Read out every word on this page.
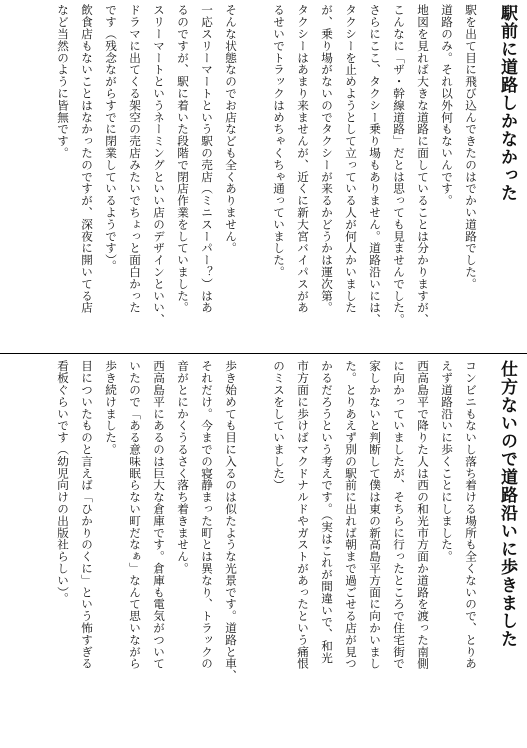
駅前に道路しかなかった

駅を出て目に飛び込んできたのはでかい道路でした。
道路のみ。それ以外何もないんです。
地図を見れば大きな道路に面していることは分かりますが、
こんなに「ザ・幹線道路」だとは思っても見ませんでした。
さらにここ、タクシー乗り場もありません。道路沿いには、
タクシーを止めようとして立っている人が何人かいました
が、乗り場がないのでタクシーが来るかどうかは運次第。
タクシーはあまり来ませんが、近くに新大宮バイパスがあ
るせいでトラックはめちゃくちゃ通っていました。

そんな状態なのでお店なども全くありません。
一応スリーマートという駅の売店（ミニスーパー？）はあ
るのですが、駅に着いた段階で閉店作業をしていました。
スリーマートというネーミングといい店のデザインといい、
ドラマに出てくる架空の売店みたいでちょっと面白かった
です（残念ながらすでに閉業しているようです）。
飲食店もないことはなかったのですが、深夜に開いてる店
など当然のように皆無です。

仕方ないので道路沿いに歩きました

コンビニもないし落ち着ける場所も全くないので、とりあ
えず道路沿いに歩くことにしました。
西高島平で降りた人は西の和光市方面か道路を渡った南側
に向かっていましたが、そちらに行ったところで住宅街で
家しかないと判断して僕は東の新高島平方面に向かいまし
た。とりあえず別の駅前に出れば朝まで過ごせる店が見つ
かるだろうという考えです。（実はこれが間違いで、和光
市方面に歩けばマクドナルドやガストがあったという痛恨
のミスをしていました）

歩き始めても目に入るのは似たような光景です。道路と車、
それだけ。今までの寝静まった町とは異なり、トラックの
音がとにかくうるさく落ち着きません。
西高島平にあるのは巨大な倉庫です。倉庫も電気がついて
いたので「ある意味眠らない町だなぁ」なんて思いながら
歩き続けました。
目についたものと言えば「ひかりのくに」という怖すぎる
看板ぐらいです（幼児向けの出版社らしい）。
